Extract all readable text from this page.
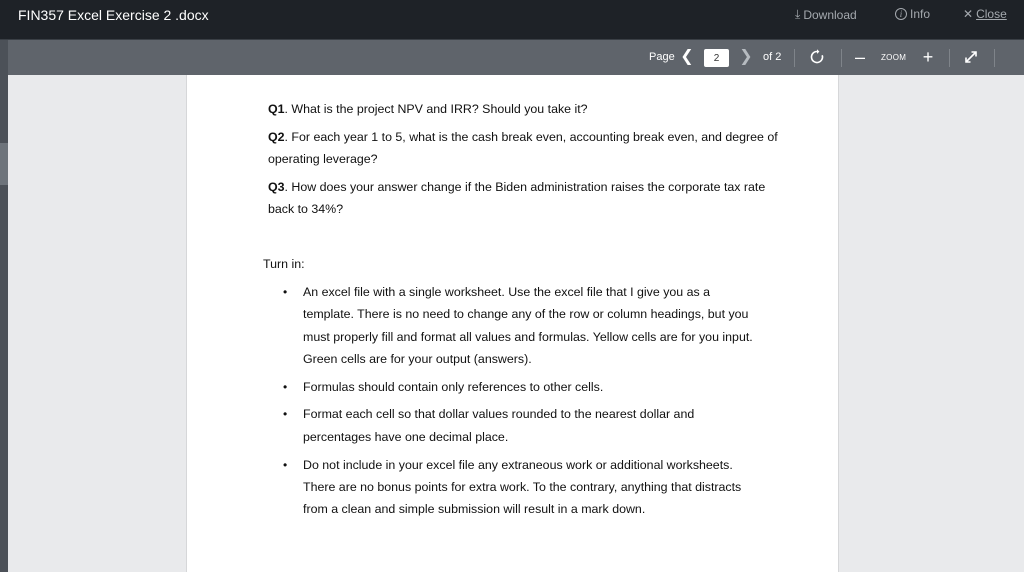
FIN357 Excel Exercise 2 .docx	⤓ Download	i Info	✕ Close
Page ❮
2	❯ of 2	– ZOOM +

Q1. What is the project NPV and IRR? Should you take it?

Q2. For each year 1 to 5, what is the cash break even, accounting break even, and degree of operating leverage?

Q3. How does your answer change if the Biden administration raises the corporate tax rate back to 34%?

Turn in:

• An excel file with a single worksheet. Use the excel file that I give you as a template. There is no need to change any of the row or column headings, but you must properly fill and format all values and formulas. Yellow cells are for you input. Green cells are for your output (answers).
• Formulas should contain only references to other cells.
• Format each cell so that dollar values rounded to the nearest dollar and percentages have one decimal place.
• Do not include in your excel file any extraneous work or additional worksheets. There are no bonus points for extra work. To the contrary, anything that distracts from a clean and simple submission will result in a mark down.
